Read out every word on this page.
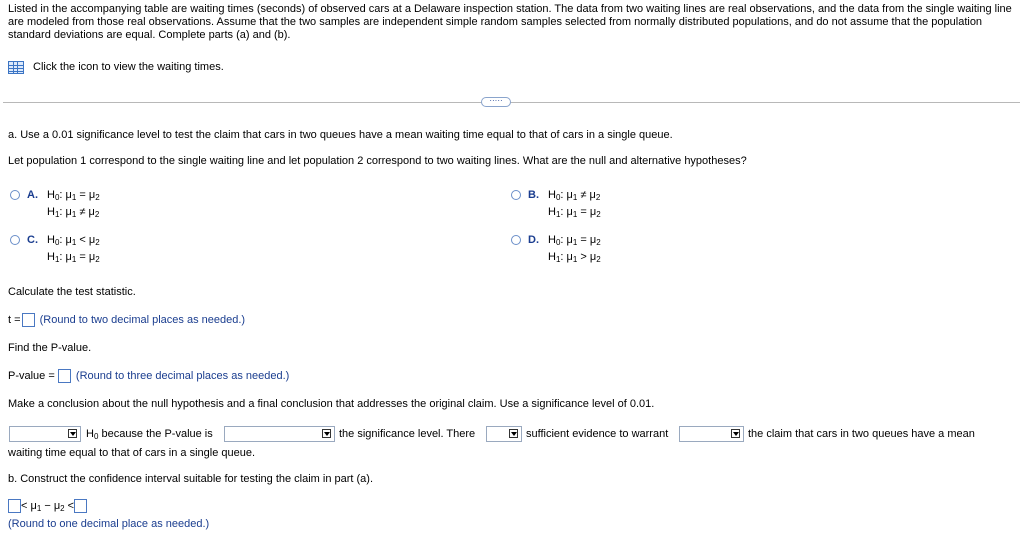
Listed in the accompanying table are waiting times (seconds) of observed cars at a Delaware inspection station. The data from two waiting lines are real observations, and the data from the single waiting line are modeled from those real observations. Assume that the two samples are independent simple random samples selected from normally distributed populations, and do not assume that the population standard deviations are equal. Complete parts (a) and (b).
Click the icon to view the waiting times.
·····
a. Use a 0.01 significance level to test the claim that cars in two queues have a mean waiting time equal to that of cars in a single queue.
Let population 1 correspond to the single waiting line and let population 2 correspond to two waiting lines. What are the null and alternative hypotheses?
A. H0: μ1 = μ2
H1: μ1 ≠ μ2
B. H0: μ1 ≠ μ2
H1: μ1 = μ2
C. H0: μ1 < μ2
H1: μ1 = μ2
D. H0: μ1 = μ2
H1: μ1 > μ2
Calculate the test statistic.
t = (Round to two decimal places as needed.)
Find the P-value.
P-value = (Round to three decimal places as needed.)
Make a conclusion about the null hypothesis and a final conclusion that addresses the original claim. Use a significance level of 0.01.
H0 because the P-value is	the significance level. There	sufficient evidence to warrant	the claim that cars in two queues have a mean
waiting time equal to that of cars in a single queue.
b. Construct the confidence interval suitable for testing the claim in part (a).
< μ1 − μ2 <
(Round to one decimal place as needed.)
